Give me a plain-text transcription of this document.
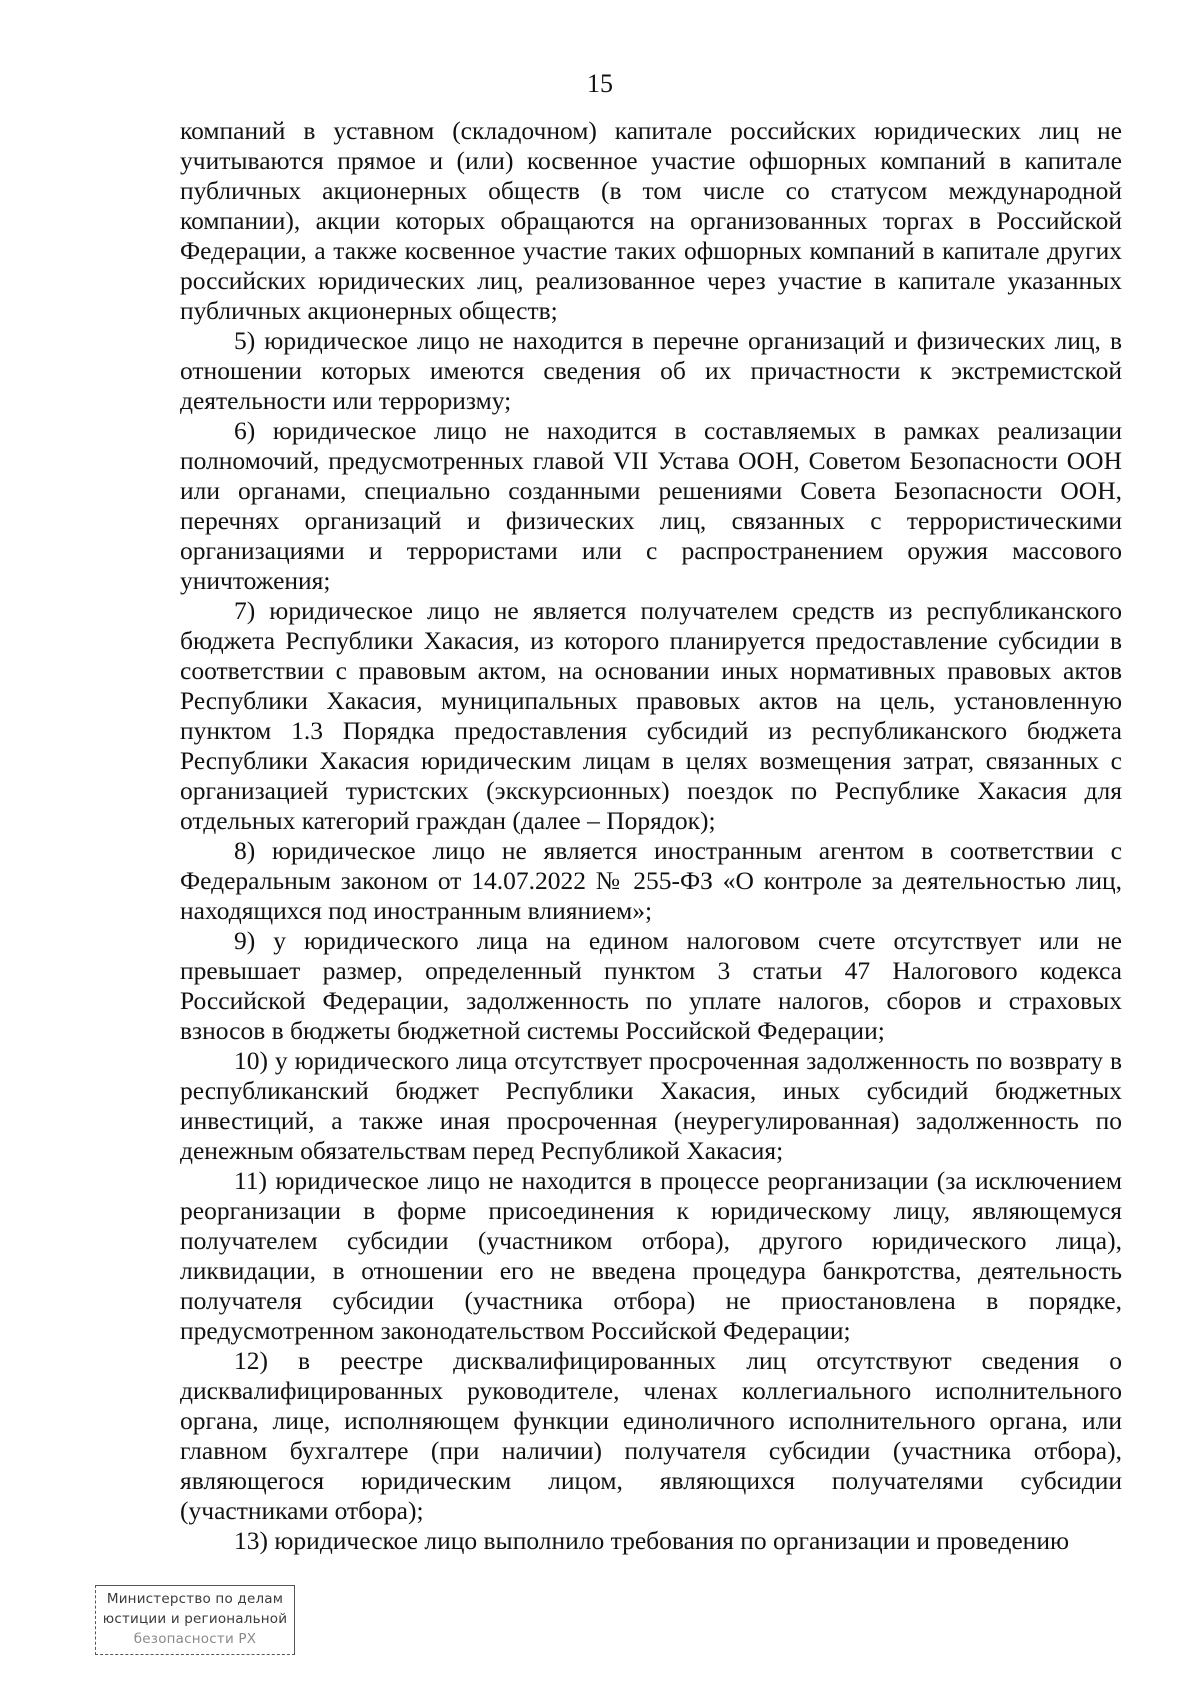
15

компаний в уставном (складочном) капитале российских юридических лиц не учитываются прямое и (или) косвенное участие офшорных компаний в капитале публичных акционерных обществ (в том числе со статусом международной компании), акции которых обращаются на организованных торгах в Российской Федерации, а также косвенное участие таких офшорных компаний в капитале других российских юридических лиц, реализованное через участие в капитале указанных публичных акционерных обществ;

5) юридическое лицо не находится в перечне организаций и физических лиц, в отношении которых имеются сведения об их причастности к экстремистской деятельности или терроризму;

6) юридическое лицо не находится в составляемых в рамках реализации полномочий, предусмотренных главой VII Устава ООН, Советом Безопасности ООН или органами, специально созданными решениями Совета Безопасности ООН, перечнях организаций и физических лиц, связанных с террористическими организациями и террористами или с распространением оружия массового уничтожения;

7) юридическое лицо не является получателем средств из республиканского бюджета Республики Хакасия, из которого планируется предоставление субсидии в соответствии с правовым актом, на основании иных нормативных правовых актов Республики Хакасия, муниципальных правовых актов на цель, установленную пунктом 1.3 Порядка предоставления субсидий из республиканского бюджета Республики Хакасия юридическим лицам в целях возмещения затрат, связанных с организацией туристских (экскурсионных) поездок по Республике Хакасия для отдельных категорий граждан (далее – Порядок);

8) юридическое лицо не является иностранным агентом в соответствии с Федеральным законом от 14.07.2022 № 255-ФЗ «О контроле за деятельностью лиц, находящихся под иностранным влиянием»;

9) у юридического лица на едином налоговом счете отсутствует или не превышает размер, определенный пунктом 3 статьи 47 Налогового кодекса Российской Федерации, задолженность по уплате налогов, сборов и страховых взносов в бюджеты бюджетной системы Российской Федерации;

10) у юридического лица отсутствует просроченная задолженность по возврату в республиканский бюджет Республики Хакасия, иных субсидий бюджетных инвестиций, а также иная просроченная (неурегулированная) задолженность по денежным обязательствам перед Республикой Хакасия;

11) юридическое лицо не находится в процессе реорганизации (за исключением реорганизации в форме присоединения к юридическому лицу, являющемуся получателем субсидии (участником отбора), другого юридического лица), ликвидации, в отношении его не введена процедура банкротства, деятельность получателя субсидии (участника отбора) не приостановлена в порядке, предусмотренном законодательством Российской Федерации;

12) в реестре дисквалифицированных лиц отсутствуют сведения о дисквалифицированных руководителе, членах коллегиального исполнительного органа, лице, исполняющем функции единоличного исполнительного органа, или главном бухгалтере (при наличии) получателя субсидии (участника отбора), являющегося юридическим лицом, являющихся получателями субсидии (участниками отбора);

13) юридическое лицо выполнило требования по организации и проведению

Министерство по делам
юстиции и региональной
безопасности РХ
